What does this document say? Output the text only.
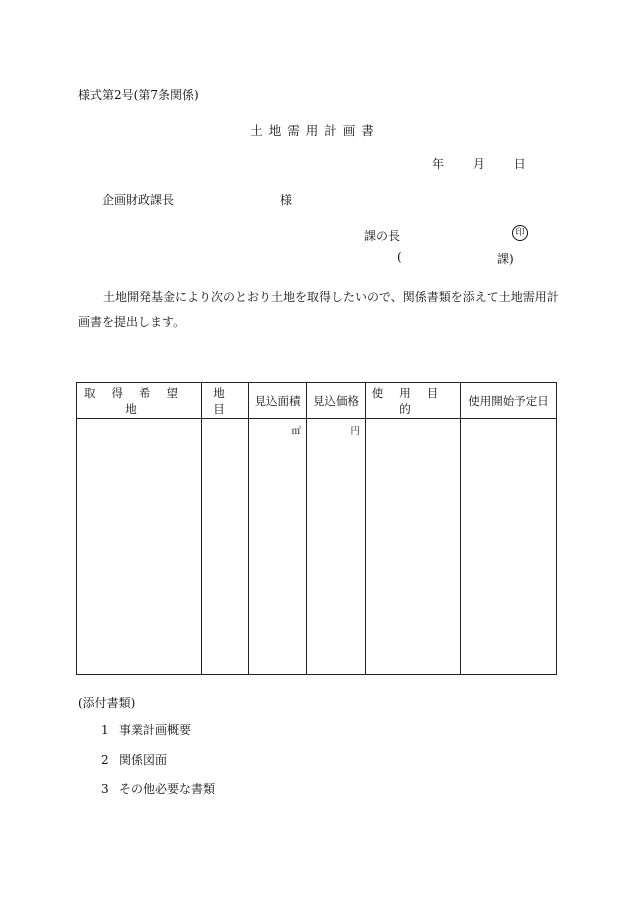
様式第2号(第7条関係)
土地需用計画書
年 月 日
企画財政課長	様
課の長	印
(	課)
土地開発基金により次のとおり土地を取得したいので、関係書類を添えて土地需用計画書を提出します。
取得希望地	地目	見込面積	見込価格	使用目的	使用開始予定日
		㎡	円		
(添付書類)
1 事業計画概要
2 関係図面
3 その他必要な書類
